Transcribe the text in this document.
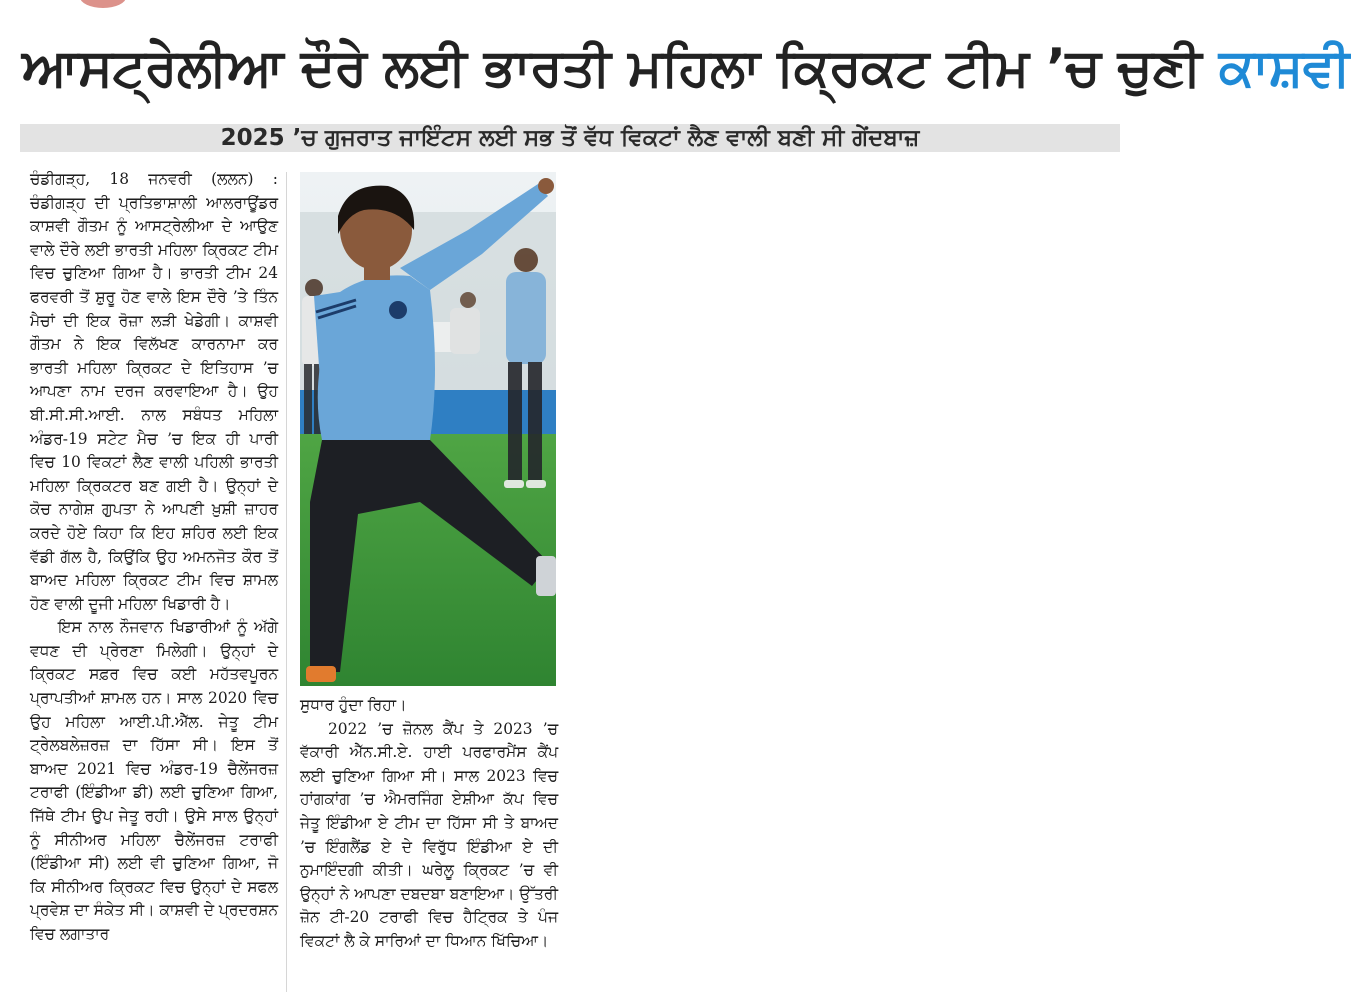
ਆਸਟ੍ਰੇਲੀਆ ਦੌਰੇ ਲਈ ਭਾਰਤੀ ਮਹਿਲਾ ਕ੍ਰਿਕਟ ਟੀਮ ’ਚ ਚੁਣੀ ਕਾਸ਼ਵੀ
2025 ’ਚ ਗੁਜਰਾਤ ਜਾਇੰਟਸ ਲਈ ਸਭ ਤੋਂ ਵੱਧ ਵਿਕਟਾਂ ਲੈਣ ਵਾਲੀ ਬਣੀ ਸੀ ਗੇਂਦਬਾਜ਼

ਚੰਡੀਗੜ੍ਹ, 18 ਜਨਵਰੀ (ਲਲਨ) : ਚੰਡੀਗੜ੍ਹ ਦੀ ਪ੍ਰਤਿਭਾਸ਼ਾਲੀ ਆਲਰਾਊਂਡਰ ਕਾਸ਼ਵੀ ਗੌਤਮ ਨੂੰ ਆਸਟ੍ਰੇਲੀਆ ਦੇ ਆਉਣ ਵਾਲੇ ਦੌਰੇ ਲਈ ਭਾਰਤੀ ਮਹਿਲਾ ਕ੍ਰਿਕਟ ਟੀਮ ਵਿਚ ਚੁਣਿਆ ਗਿਆ ਹੈ। ਭਾਰਤੀ ਟੀਮ 24 ਫਰਵਰੀ ਤੋਂ ਸ਼ੁਰੂ ਹੋਣ ਵਾਲੇ ਇਸ ਦੌਰੇ ’ਤੇ ਤਿੰਨ ਮੈਚਾਂ ਦੀ ਇਕ ਰੋਜ਼ਾ ਲੜੀ ਖੇਡੇਗੀ। ਕਾਸ਼ਵੀ ਗੌਤਮ ਨੇ ਇਕ ਵਿਲੱਖਣ ਕਾਰਨਾਮਾ ਕਰ ਭਾਰਤੀ ਮਹਿਲਾ ਕ੍ਰਿਕਟ ਦੇ ਇਤਿਹਾਸ ’ਚ ਆਪਣਾ ਨਾਮ ਦਰਜ ਕਰਵਾਇਆ ਹੈ। ਉਹ ਬੀ.ਸੀ.ਸੀ.ਆਈ. ਨਾਲ ਸਬੰਧਤ ਮਹਿਲਾ ਅੰਡਰ-19 ਸਟੇਟ ਮੈਚ ’ਚ ਇਕ ਹੀ ਪਾਰੀ ਵਿਚ 10 ਵਿਕਟਾਂ ਲੈਣ ਵਾਲੀ ਪਹਿਲੀ ਭਾਰਤੀ ਮਹਿਲਾ ਕ੍ਰਿਕਟਰ ਬਣ ਗਈ ਹੈ। ਉਨ੍ਹਾਂ ਦੇ ਕੋਚ ਨਾਗੇਸ਼ ਗੁਪਤਾ ਨੇ ਆਪਣੀ ਖ਼ੁਸ਼ੀ ਜ਼ਾਹਰ ਕਰਦੇ ਹੋਏ ਕਿਹਾ ਕਿ ਇਹ ਸ਼ਹਿਰ ਲਈ ਇਕ ਵੱਡੀ ਗੱਲ ਹੈ, ਕਿਉਂਕਿ ਉਹ ਅਮਨਜੋਤ ਕੌਰ ਤੋਂ ਬਾਅਦ ਮਹਿਲਾ ਕ੍ਰਿਕਟ ਟੀਮ ਵਿਚ ਸ਼ਾਮਲ ਹੋਣ ਵਾਲੀ ਦੂਜੀ ਮਹਿਲਾ ਖਿਡਾਰੀ ਹੈ।

ਇਸ ਨਾਲ ਨੌਜਵਾਨ ਖਿਡਾਰੀਆਂ ਨੂੰ ਅੱਗੇ ਵਧਣ ਦੀ ਪ੍ਰੇਰਣਾ ਮਿਲੇਗੀ। ਉਨ੍ਹਾਂ ਦੇ ਕ੍ਰਿਕਟ ਸਫ਼ਰ ਵਿਚ ਕਈ ਮਹੱਤਵਪੂਰਨ ਪ੍ਰਾਪਤੀਆਂ ਸ਼ਾਮਲ ਹਨ। ਸਾਲ 2020 ਵਿਚ ਉਹ ਮਹਿਲਾ ਆਈ.ਪੀ.ਐੱਲ. ਜੇਤੂ ਟੀਮ ਟ੍ਰੇਲਬਲੇਜ਼ਰਜ਼ ਦਾ ਹਿੱਸਾ ਸੀ। ਇਸ ਤੋਂ ਬਾਅਦ 2021 ਵਿਚ ਅੰਡਰ-19 ਚੈਲੇਂਜਰਜ਼ ਟਰਾਫੀ (ਇੰਡੀਆ ਡੀ) ਲਈ ਚੁਣਿਆ ਗਿਆ, ਜਿੱਥੇ ਟੀਮ ਉਪ ਜੇਤੂ ਰਹੀ। ਉਸੇ ਸਾਲ ਉਨ੍ਹਾਂ ਨੂੰ ਸੀਨੀਅਰ ਮਹਿਲਾ ਚੈਲੇਂਜਰਜ਼ ਟਰਾਫੀ (ਇੰਡੀਆ ਸੀ) ਲਈ ਵੀ ਚੁਣਿਆ ਗਿਆ, ਜੋ ਕਿ ਸੀਨੀਅਰ ਕ੍ਰਿਕਟ ਵਿਚ ਉਨ੍ਹਾਂ ਦੇ ਸਫਲ ਪ੍ਰਵੇਸ਼ ਦਾ ਸੰਕੇਤ ਸੀ। ਕਾਸ਼ਵੀ ਦੇ ਪ੍ਰਦਰਸ਼ਨ ਵਿਚ ਲਗਾਤਾਰ

ਸੁਧਾਰ ਹੁੰਦਾ ਰਿਹਾ।

2022 ’ਚ ਜ਼ੋਨਲ ਕੈਂਪ ਤੇ 2023 ’ਚ ਵੱਕਾਰੀ ਐੱਨ.ਸੀ.ਏ. ਹਾਈ ਪਰਫਾਰਮੈਂਸ ਕੈਂਪ ਲਈ ਚੁਣਿਆ ਗਿਆ ਸੀ। ਸਾਲ 2023 ਵਿਚ ਹਾਂਗਕਾਂਗ ’ਚ ਐਮਰਜਿੰਗ ਏਸ਼ੀਆ ਕੱਪ ਵਿਚ ਜੇਤੂ ਇੰਡੀਆ ਏ ਟੀਮ ਦਾ ਹਿੱਸਾ ਸੀ ਤੇ ਬਾਅਦ ’ਚ ਇੰਗਲੈਂਡ ਏ ਦੇ ਵਿਰੁੱਧ ਇੰਡੀਆ ਏ ਦੀ ਨੁਮਾਇੰਦਗੀ ਕੀਤੀ। ਘਰੇਲੂ ਕ੍ਰਿਕਟ ’ਚ ਵੀ ਉਨ੍ਹਾਂ ਨੇ ਆਪਣਾ ਦਬਦਬਾ ਬਣਾਇਆ। ਉੱਤਰੀ ਜ਼ੋਨ ਟੀ-20 ਟਰਾਫੀ ਵਿਚ ਹੈਟ੍ਰਿਕ ਤੇ ਪੰਜ ਵਿਕਟਾਂ ਲੈ ਕੇ ਸਾਰਿਆਂ ਦਾ ਧਿਆਨ ਖਿੱਚਿਆ।
